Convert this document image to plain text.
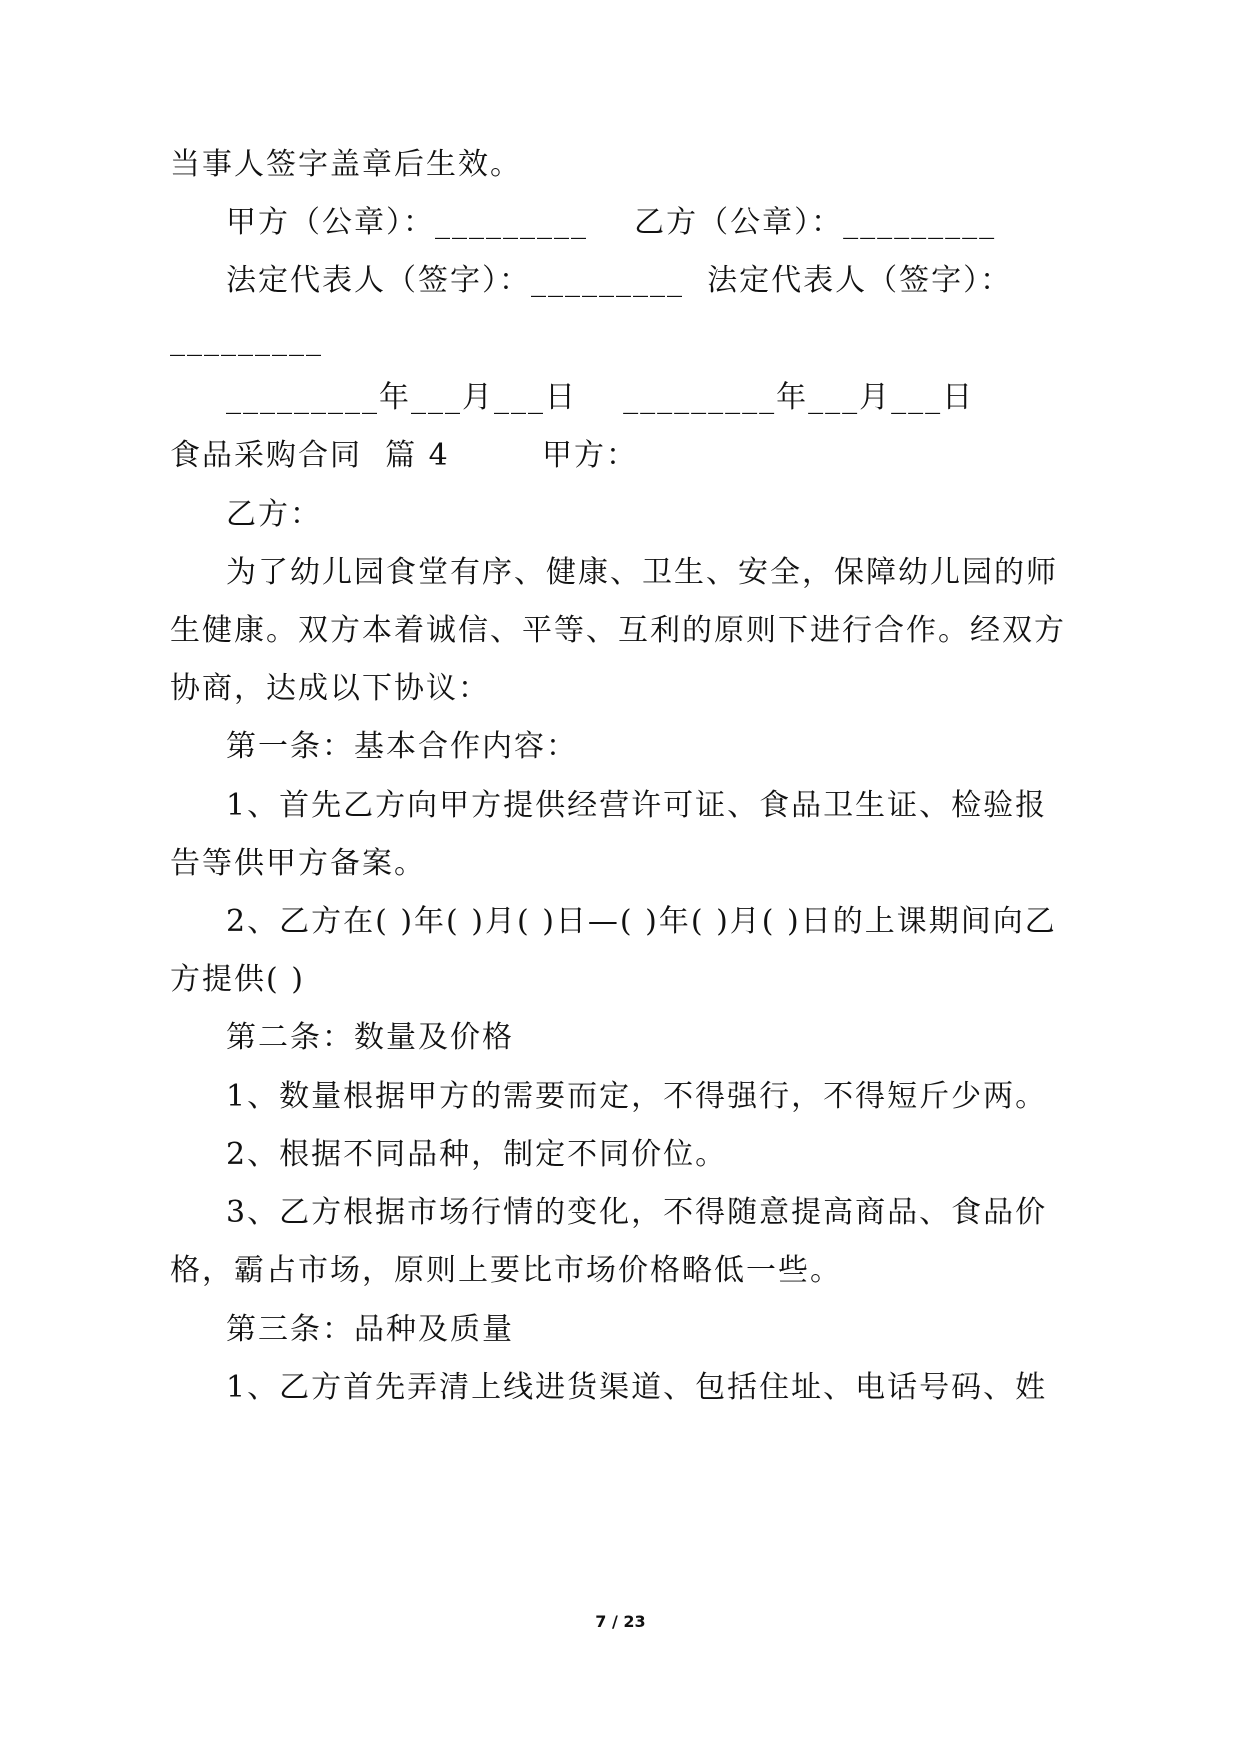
当事人签字盖章后生效。
甲方（公章）：_________    乙方（公章）：_________
法定代表人（签字）：_________  法定代表人（签字）：
_________
_________年___月___日    _________年___月___日
食品采购合同  篇 4        甲方：
乙方：
为了幼儿园食堂有序、健康、卫生、安全，保障幼儿园的师
生健康。双方本着诚信、平等、互利的原则下进行合作。经双方
协商，达成以下协议：
第一条：基本合作内容：
1、首先乙方向甲方提供经营许可证、食品卫生证、检验报
告等供甲方备案。
2、乙方在( )年( )月( )日—( )年( )月( )日的上课期间向乙
方提供( )
第二条：数量及价格
1、数量根据甲方的需要而定，不得强行，不得短斤少两。
2、根据不同品种，制定不同价位。
3、乙方根据市场行情的变化，不得随意提高商品、食品价
格，霸占市场，原则上要比市场价格略低一些。
第三条：品种及质量
1、乙方首先弄清上线进货渠道、包括住址、电话号码、姓
7 / 23
